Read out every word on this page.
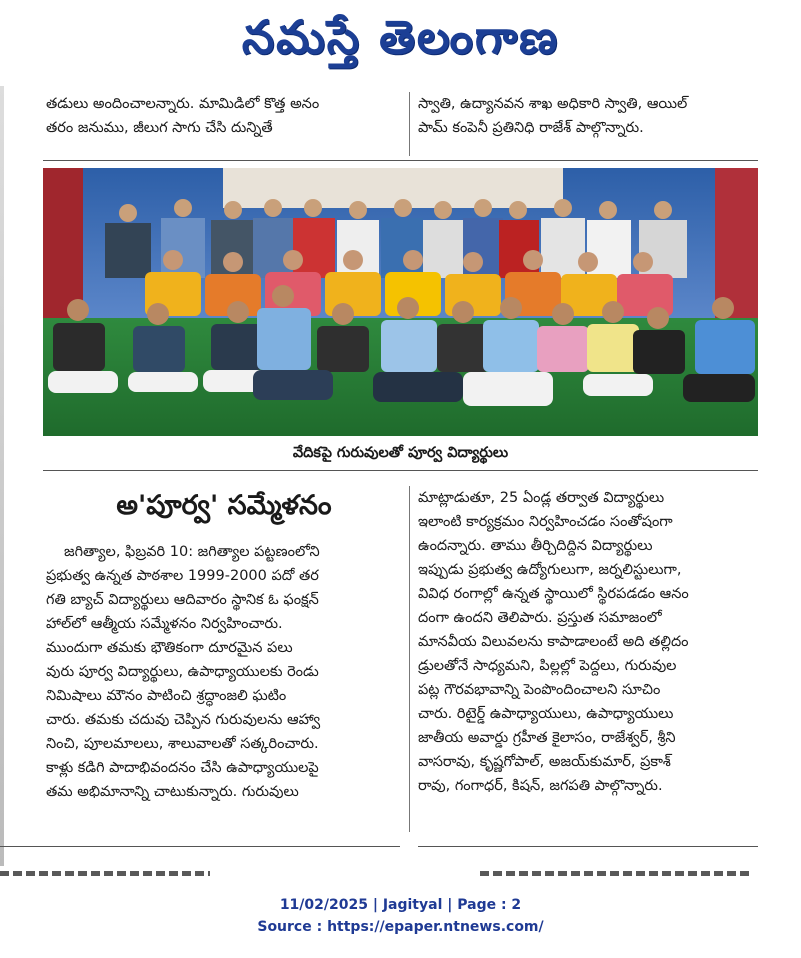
నమస్తే తెలంగాణ

తడులు అందించాలన్నారు. మామిడిలో కొత్త అనం

తరం జనుము, జీలుగ సాగు చేసి దున్నితే

స్వాతి, ఉద్యానవన శాఖ అధికారి స్వాతి, ఆయిల్

పామ్ కంపెనీ ప్రతినిధి రాజేశ్ పాల్గొన్నారు.

వేదికపై గురువులతో పూర్వ విద్యార్థులు
అ'పూర్వ' సమ్మేళనం

జగిత్యాల, ఫిబ్రవరి 10: జగిత్యాల పట్టణంలోని

ప్రభుత్వ ఉన్నత పాఠశాల 1999-2000 పదో తర

గతి బ్యాచ్ విద్యార్థులు ఆదివారం స్థానిక ఓ ఫంక్షన్

హాల్‌లో ఆత్మీయ సమ్మేళనం నిర్వహించారు.

ముందుగా తమకు భౌతికంగా దూరమైన పలు

వురు పూర్వ విద్యార్థులు, ఉపాధ్యాయులకు రెండు

నిమిషాలు మౌనం పాటించి శ్రద్ధాంజలి ఘటిం

చారు. తమకు చదువు చెప్పిన గురువులను ఆహ్వా

నించి, పూలమాలలు, శాలువాలతో సత్కరించారు.

కాళ్లు కడిగి పాదాభివందనం చేసి ఉపాధ్యాయులపై

తమ అభిమానాన్ని చాటుకున్నారు. గురువులు

మాట్లాడుతూ, 25 ఏండ్ల తర్వాత విద్యార్థులు

ఇలాంటి కార్యక్రమం నిర్వహించడం సంతోషంగా

ఉందన్నారు. తాము తీర్చిదిద్దిన విద్యార్థులు

ఇప్పుడు ప్రభుత్వ ఉద్యోగులుగా, జర్నలిస్టులుగా,

వివిధ రంగాల్లో ఉన్నత స్థాయిలో స్థిరపడడం ఆనం

దంగా ఉందని తెలిపారు. ప్రస్తుత సమాజంలో

మానవీయ విలువలను కాపాడాలంటే అది తల్లిదం

డ్రులతోనే సాధ్యమని, పిల్లల్లో పెద్దలు, గురువుల

పట్ల గౌరవభావాన్ని పెంపొందించాలని సూచిం

చారు. రిటైర్డ్ ఉపాధ్యాయులు, ఉపాధ్యాయులు

జాతీయ అవార్డు గ్రహీత కైలాసం, రాజేశ్వర్, శ్రీని

వాసరావు, కృష్ణగోపాల్, అజయ్‌కుమార్, ప్రకాశ్

రావు, గంగాధర్, కిషన్, జగపతి పాల్గొన్నారు.

11/02/2025 | Jagityal | Page : 2
Source : https://epaper.ntnews.com/
